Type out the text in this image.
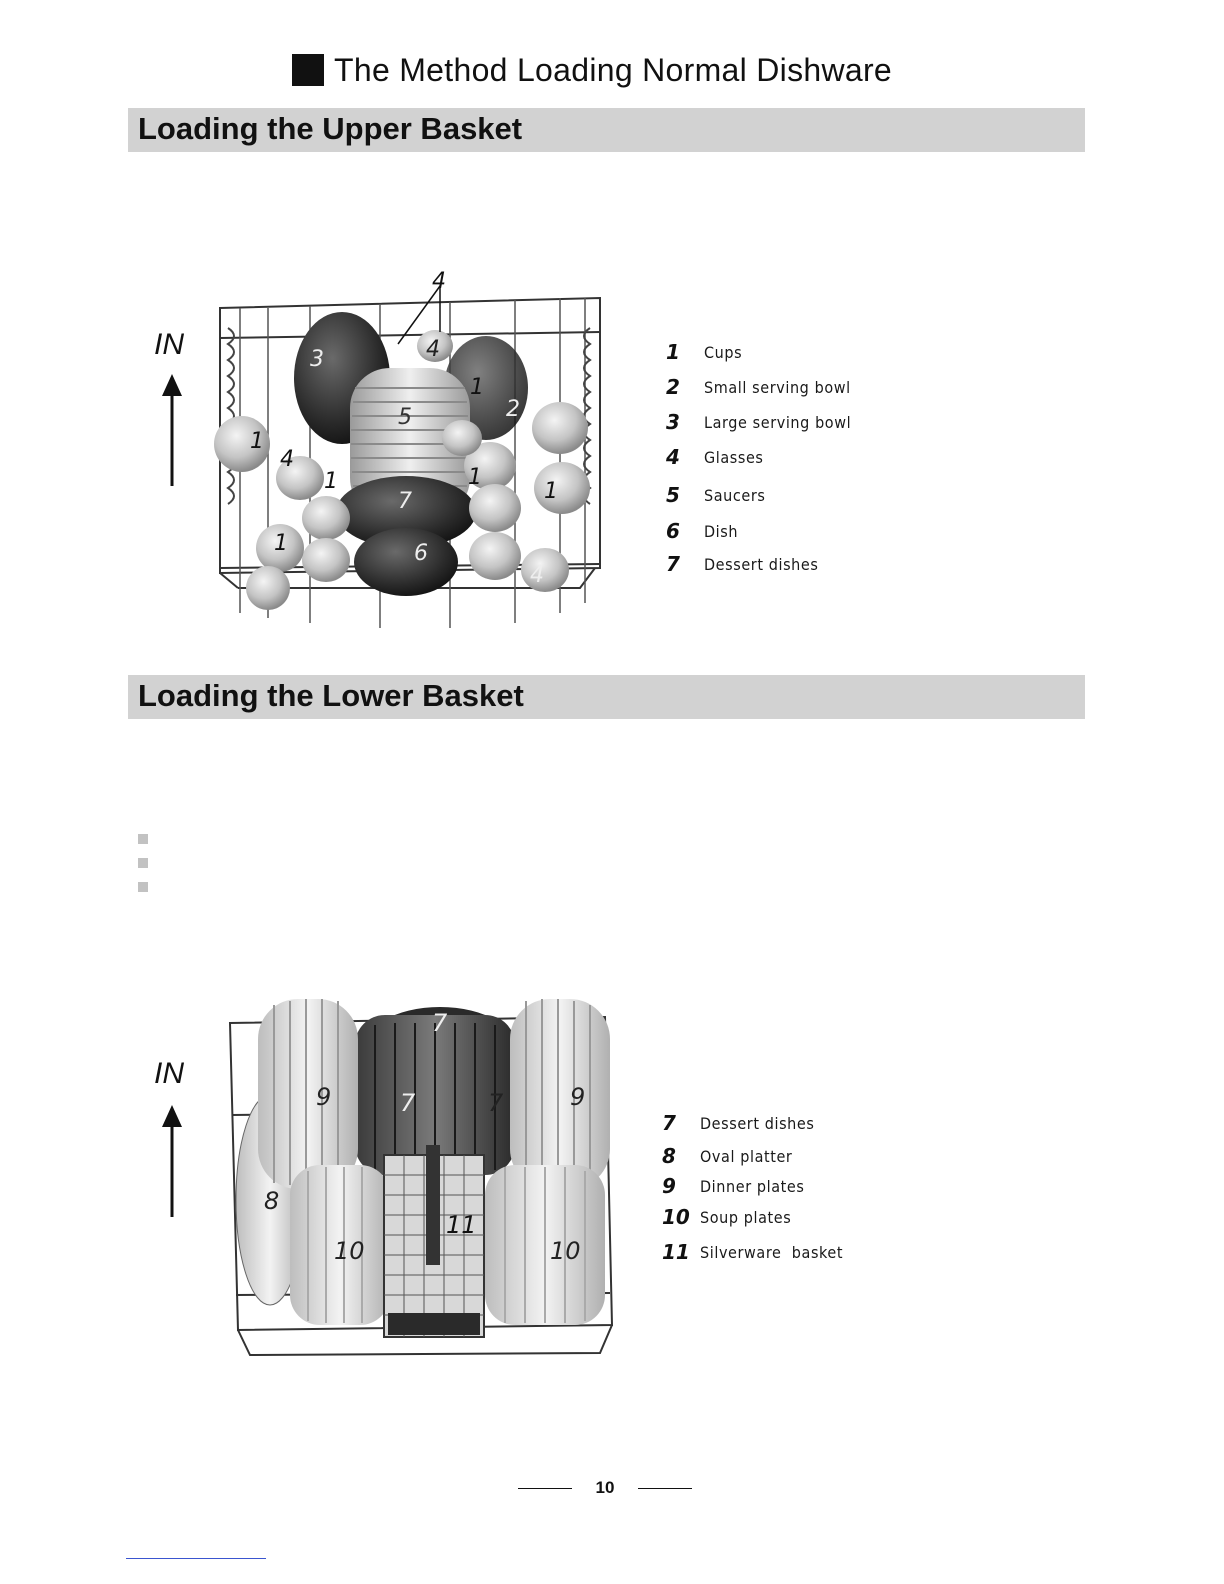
The Method Loading Normal Dishware
Loading the Upper Basket
IN
4
3	4
5
1
2
1
4
1
7
1
1
1	6
4
1	Cups
2	Small serving bowl
3	Large serving bowl
4	Glasses
5	Saucers
6	Dish
7	Dessert dishes
Loading the Lower Basket
IN
7
9	7	7	9
8
11
10	10
7	Dessert dishes
8	Oval platter
9	Dinner plates
10 Soup plates
11 Silverware  basket
10
